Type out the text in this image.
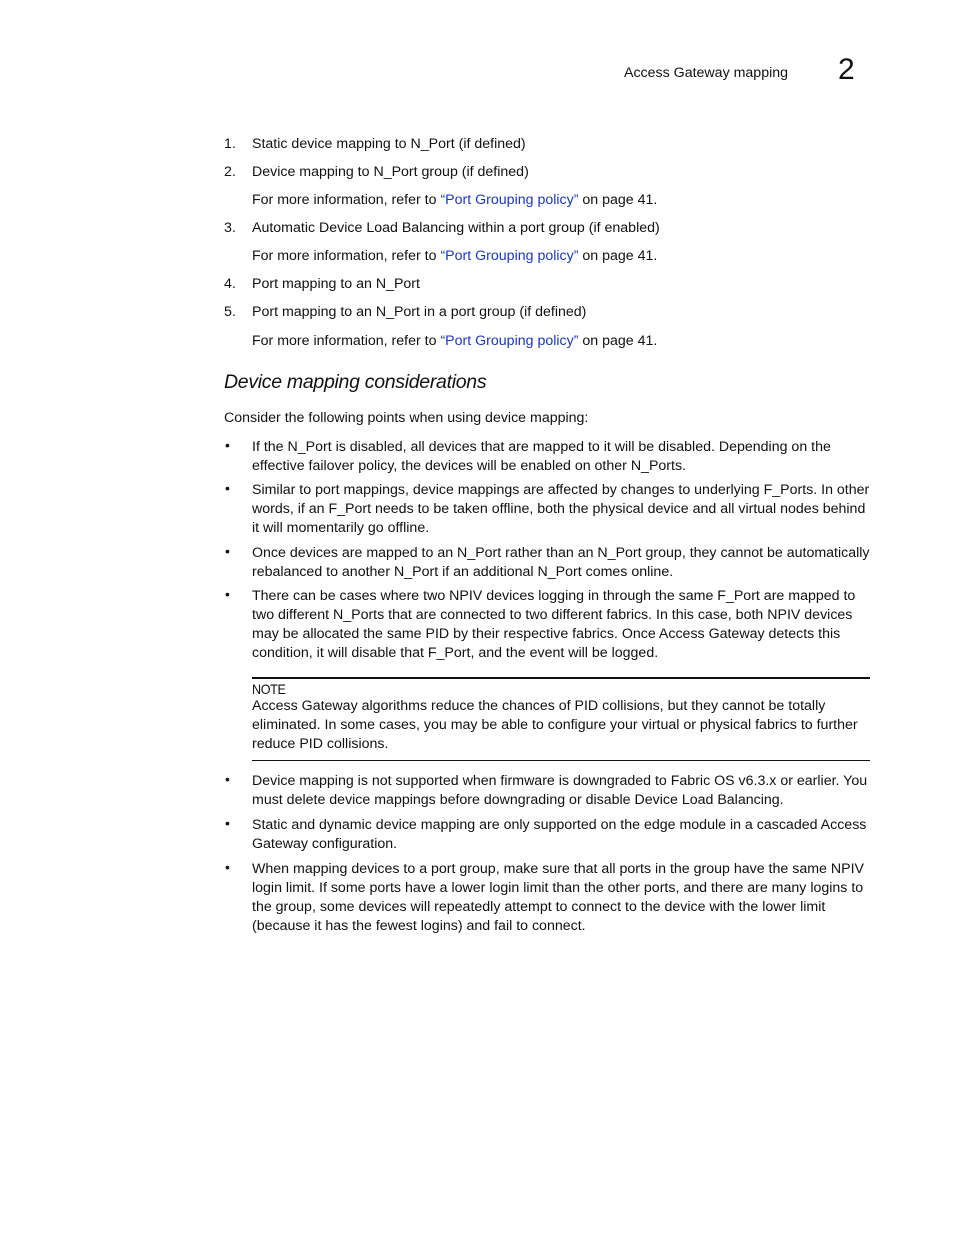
Access Gateway mapping 2
1. Static device mapping to N_Port (if defined)
2. Device mapping to N_Port group (if defined)
For more information, refer to “Port Grouping policy” on page 41.
3. Automatic Device Load Balancing within a port group (if enabled)
For more information, refer to “Port Grouping policy” on page 41.
4. Port mapping to an N_Port
5. Port mapping to an N_Port in a port group (if defined)
For more information, refer to “Port Grouping policy” on page 41.
Device mapping considerations
Consider the following points when using device mapping:
• If the N_Port is disabled, all devices that are mapped to it will be disabled. Depending on the effective failover policy, the devices will be enabled on other N_Ports.
• Similar to port mappings, device mappings are affected by changes to underlying F_Ports. In other words, if an F_Port needs to be taken offline, both the physical device and all virtual nodes behind it will momentarily go offline.
• Once devices are mapped to an N_Port rather than an N_Port group, they cannot be automatically rebalanced to another N_Port if an additional N_Port comes online.
• There can be cases where two NPIV devices logging in through the same F_Port are mapped to two different N_Ports that are connected to two different fabrics. In this case, both NPIV devices may be allocated the same PID by their respective fabrics. Once Access Gateway detects this condition, it will disable that F_Port, and the event will be logged.
NOTE
Access Gateway algorithms reduce the chances of PID collisions, but they cannot be totally eliminated. In some cases, you may be able to configure your virtual or physical fabrics to further reduce PID collisions.
• Device mapping is not supported when firmware is downgraded to Fabric OS v6.3.x or earlier. You must delete device mappings before downgrading or disable Device Load Balancing.
• Static and dynamic device mapping are only supported on the edge module in a cascaded Access Gateway configuration.
• When mapping devices to a port group, make sure that all ports in the group have the same NPIV login limit. If some ports have a lower login limit than the other ports, and there are many logins to the group, some devices will repeatedly attempt to connect to the device with the lower limit (because it has the fewest logins) and fail to connect.
